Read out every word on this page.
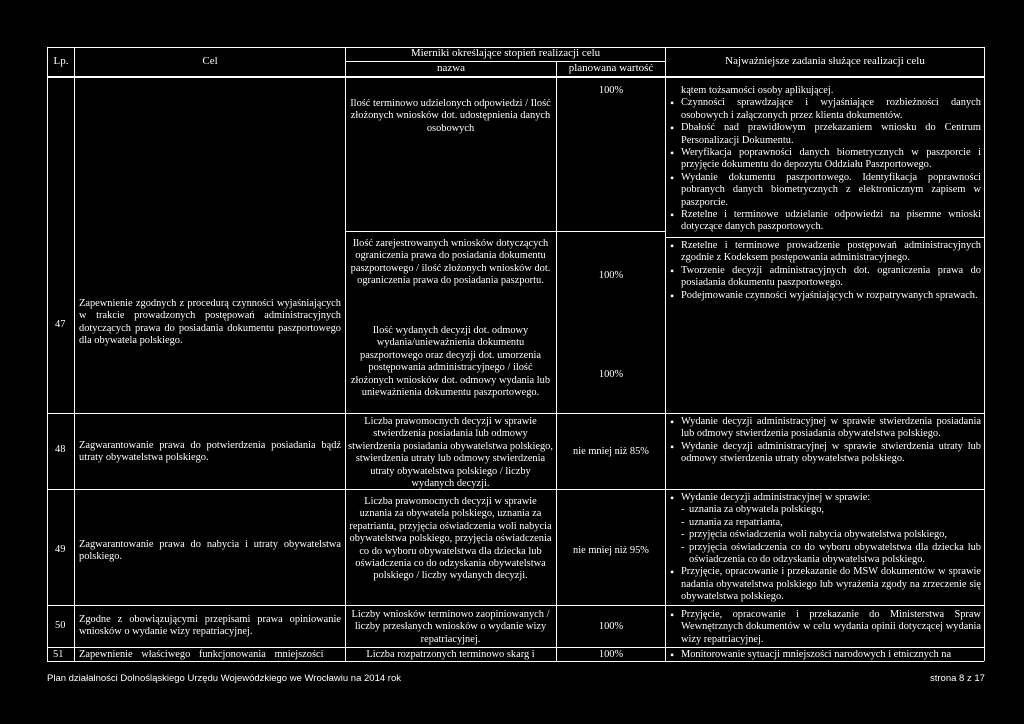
Lp.	Cel
Mierniki określające stopień realizacji celu
nazwa	planowana wartość
Najważniejsze zadania służące realizacji celu
47
Zapewnienie zgodnych z procedurą czynności wyjaśniających w trakcie prowadzonych postępowań administracyjnych dotyczących prawa do posiadania dokumentu paszportowego dla obywatela polskiego.
Ilość terminowo udzielonych odpowiedzi / Ilość złożonych wniosków dot. udostępnienia danych osobowych
100%
Ilość zarejestrowanych wniosków dotyczących ograniczenia prawa do posiadania dokumentu paszportowego / ilość złożonych wniosków dot. ograniczenia prawa do posiadania paszportu.	100%
Ilość wydanych decyzji dot. odmowy wydania/unieważnienia dokumentu paszportowego oraz decyzji dot. umorzenia postępowania administracyjnego / ilość złożonych wniosków dot. odmowy wydania lub unieważnienia dokumentu paszportowego.
100%
kątem tożsamości osoby aplikującej.
• Czynności sprawdzające i wyjaśniające rozbieżności danych osobowych i załączonych przez klienta dokumentów.
• Dbałość nad prawidłowym przekazaniem wniosku do Centrum Personalizacji Dokumentu.
• Weryfikacja poprawności danych biometrycznych w paszporcie i przyjęcie dokumentu do depozytu Oddziału Paszportowego.
• Wydanie dokumentu paszportowego. Identyfikacja poprawności pobranych danych biometrycznych z elektronicznym zapisem w paszporcie.
• Rzetelne i terminowe udzielanie odpowiedzi na pisemne wnioski dotyczące danych paszportowych.
• Rzetelne i terminowe prowadzenie postępowań administracyjnych zgodnie z Kodeksem postępowania administracyjnego.
• Tworzenie decyzji administracyjnych dot. ograniczenia prawa do posiadania dokumentu paszportowego.
• Podejmowanie czynności wyjaśniających w rozpatrywanych sprawach.
48 Zagwarantowanie prawa do potwierdzenia posiadania bądź utraty obywatelstwa polskiego.
Liczba prawomocnych decyzji w sprawie stwierdzenia posiadania lub odmowy stwierdzenia posiadania obywatelstwa polskiego, stwierdzenia utraty lub odmowy stwierdzenia utraty obywatelstwa polskiego / liczby wydanych decyzji.
nie mniej niż 85%
• Wydanie decyzji administracyjnej w sprawie stwierdzenia posiadania lub odmowy stwierdzenia posiadania obywatelstwa polskiego.
• Wydanie decyzji administracyjnej w sprawie stwierdzenia utraty lub odmowy stwierdzenia utraty obywatelstwa polskiego.
49 Zagwarantowanie prawa do nabycia i utraty obywatelstwa polskiego.
Liczba prawomocnych decyzji w sprawie uznania za obywatela polskiego, uznania za repatrianta, przyjęcia oświadczenia woli nabycia obywatelstwa polskiego, przyjęcia oświadczenia co do wyboru obywatelstwa dla dziecka lub oświadczenia co do odzyskania obywatelstwa polskiego / liczby wydanych decyzji.
nie mniej niż 95%
• Wydanie decyzji administracyjnej w sprawie:
- uznania za obywatela polskiego,
- uznania za repatrianta,
- przyjęcia oświadczenia woli nabycia obywatelstwa polskiego,
- przyjęcia oświadczenia co do wyboru obywatelstwa dla dziecka lub oświadczenia co do odzyskania obywatelstwa polskiego.
• Przyjęcie, opracowanie i przekazanie do MSW dokumentów w sprawie nadania obywatelstwa polskiego lub wyrażenia zgody na zrzeczenie się obywatelstwa polskiego.
50
Zgodne z obowiązującymi przepisami prawa opiniowanie wniosków o wydanie wizy repatriacyjnej.
Liczby wniosków terminowo zaopiniowanych / liczby przesłanych wniosków o wydanie wizy repatriacyjnej.
100%
• Przyjęcie, opracowanie i przekazanie do Ministerstwa Spraw Wewnętrznych dokumentów w celu wydania opinii dotyczącej wydania wizy repatriacyjnej.
51 Zapewnienie właściwego funkcjonowania mniejszości	Liczba rozpatrzonych terminowo skarg i	100%
•	Monitorowanie sytuacji mniejszości narodowych i etnicznych na
Plan działalności Dolnośląskiego Urzędu Wojewódzkiego we Wrocławiu na 2014 rok	strona 8 z 17
